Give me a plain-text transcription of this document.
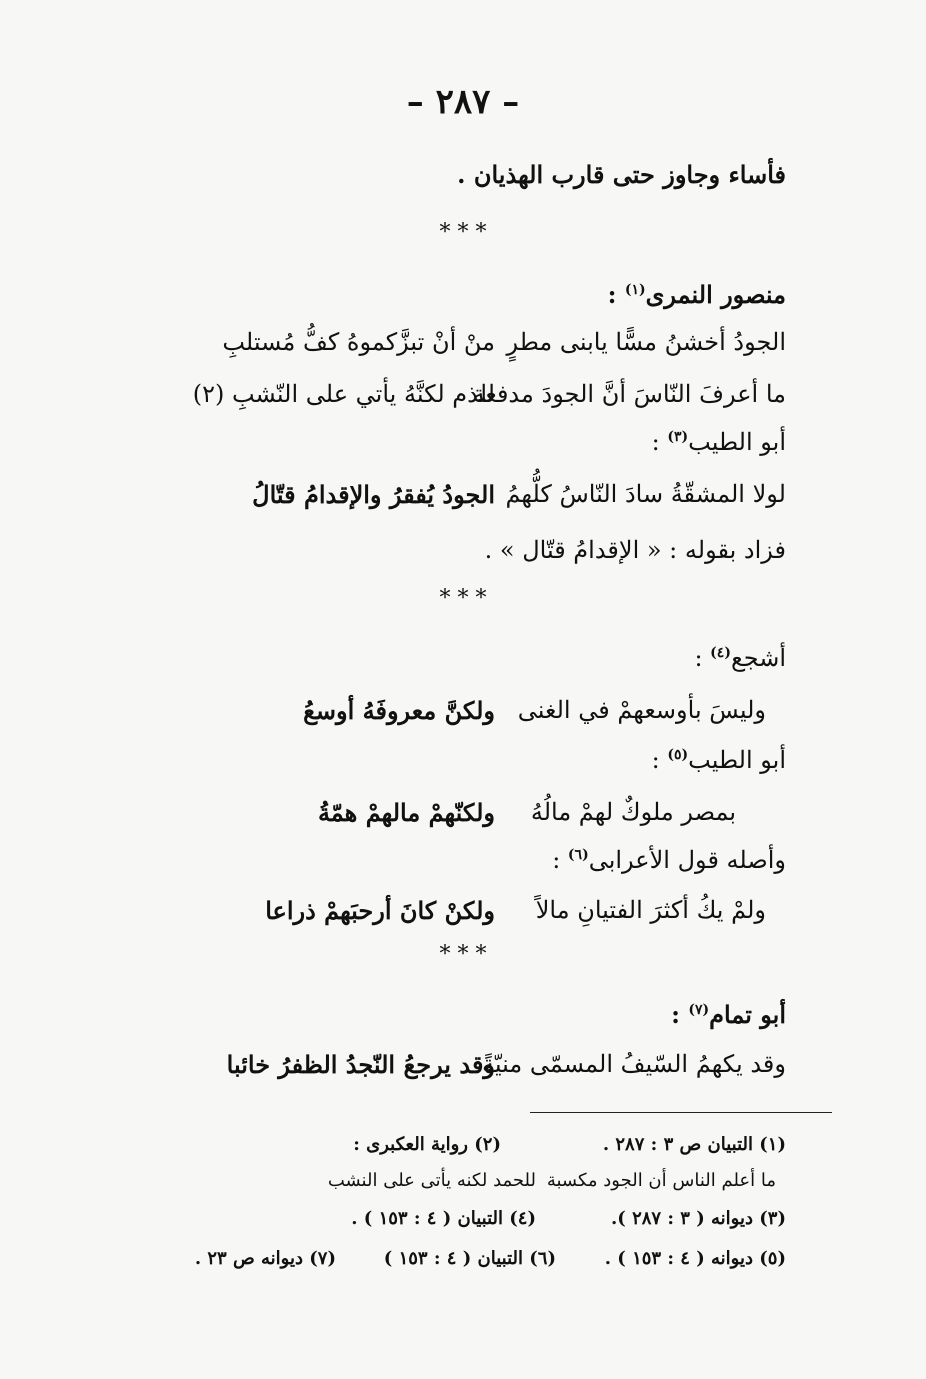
– ٢٨٧ –
فأساء وجاوز حتى قارب الهذيان .
* * *
منصور النمرى$^{(١)}$ :
الجودُ أخشنُ مسًّا يابنى مطرٍ
منْ أنْ تبزَّكموهُ كفُّ مُستلبِ
ما أعرفَ النّاسَ أنَّ الجودَ مدفعة
للذم لكنَّهُ يأتي على النّشبِ (٢)
أبو الطيب$^{(٣)}$ :
لولا المشقّةُ سادَ النّاسُ كلُّهمُ
الجودُ يُفقرُ والإقدامُ قتّالُ
فزاد بقوله : « الإقدامُ قتّال » .
* * *
أشجع$^{(٤)}$ :
وليسَ بأوسعهمْ في الغنى
ولكنَّ معروفَهُ أوسعُ
أبو الطيب$^{(٥)}$ :
بمصر ملوكٌ لهمْ مالُهُ
ولكنّهمْ مالهمْ همّةُ
وأصله قول الأعرابى$^{(٦)}$ :
ولمْ يكُ أكثرَ الفتيانِ مالاً
ولكنْ كانَ أرحبَهمْ ذراعا
* * *
أبو تمام$^{(٧)}$ :
وقد يكهمُ السّيفُ المسمّى منيّةً
وقد يرجعُ النّجدُ الظفرُ خائبا
(١) التبيان ص ٣ : ٢٨٧ .
(٢) رواية العكبرى :
ما أعلم الناس أن الجود مكسبة
للحمد لكنه يأتى على النشب
(٣) ديوانه ( ٣ : ٢٨٧ ).
(٤) التبيان ( ٤ : ١٥٣ ) .
(٥) ديوانه ( ٤ : ١٥٣ ) .
(٦) التبيان ( ٤ : ١٥٣ )
(٧) ديوانه ص ٢٣ .
